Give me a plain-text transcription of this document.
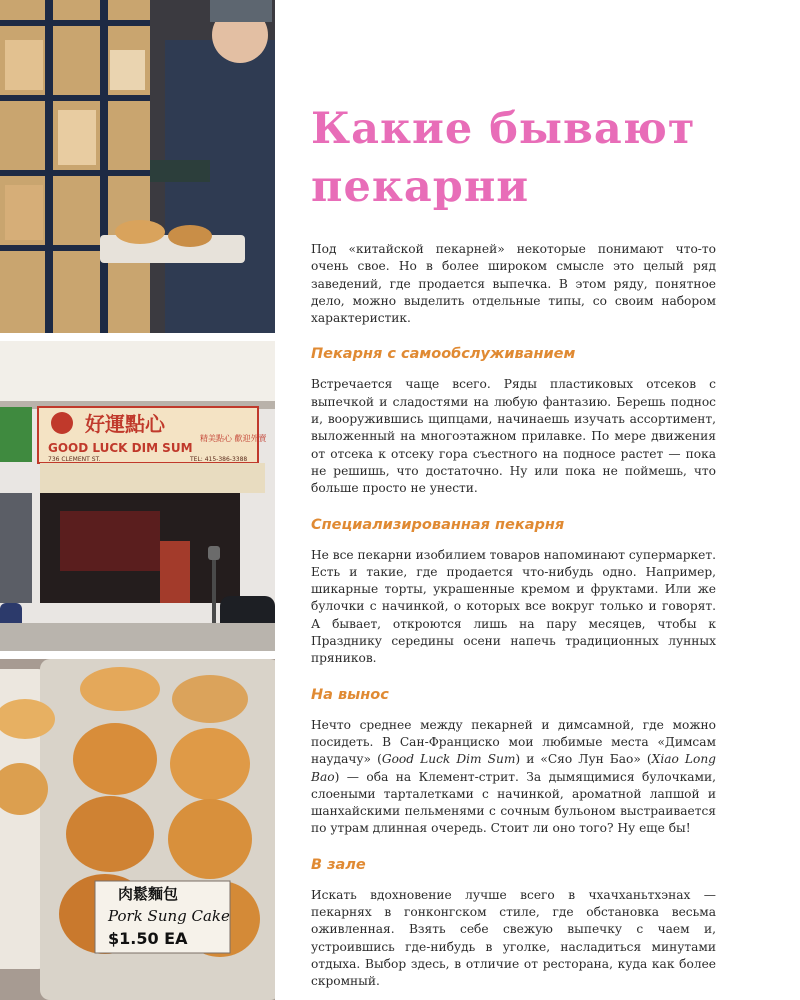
好運點心
GOOD LUCK DIM SUM
736 CLEMENT ST.	TEL: 415-386-3388
精美點心 歡迎外賣
肉鬆麵包
Pork Sung Cake
$1.50 EA
Какие бывают
пекарни

Под «китайской пекарней» некоторые понимают что-то очень свое. Но в более широком смысле это целый ряд заведений, где продается выпечка. В этом ряду, понятное дело, можно выделить отдельные типы, со своим набором характеристик.

Пекарня с самообслуживанием

Встречается чаще всего. Ряды пластиковых отсеков с выпечкой и сладостями на любую фантазию. Берешь поднос и, вооружившись щипцами, начинаешь изучать ассортимент, выложенный на многоэтажном прилавке. По мере движения от отсека к отсеку гора съестного на подносе растет — пока не решишь, что достаточно. Ну или пока не поймешь, что больше просто не унести.

Специализированная пекарня

Не все пекарни изобилием товаров напоминают супермаркет. Есть и такие, где продается что-нибудь одно. Например, шикарные торты, украшенные кремом и фруктами. Или же булочки с начинкой, о которых все вокруг только и говорят. А бывает, откроются лишь на пару месяцев, чтобы к Празднику середины осени напечь традиционных лунных пряников.

На вынос

Нечто среднее между пекарней и димсамной, где можно посидеть. В Сан-Франциско мои любимые места «Димсам наудачу» (Good Luck Dim Sum) и «Сяо Лун Бао» (Xiao Long Bao) — оба на Клемент-стрит. За дымящимися булочками, слоеными тарталетками с начинкой, ароматной лапшой и шанхайскими пельменями с сочным бульоном выстраивается по утрам длинная очередь. Стоит ли оно того? Ну еще бы!

В зале

Искать вдохновение лучше всего в чхачханьтхэнах — пекарнях в гонконгском стиле, где обстановка весьма оживленная. Взять себе свежую выпечку с чаем и, устроившись где-нибудь в уголке, насладиться минутами отдыха. Выбор здесь, в отличие от ресторана, куда как более скромный.
